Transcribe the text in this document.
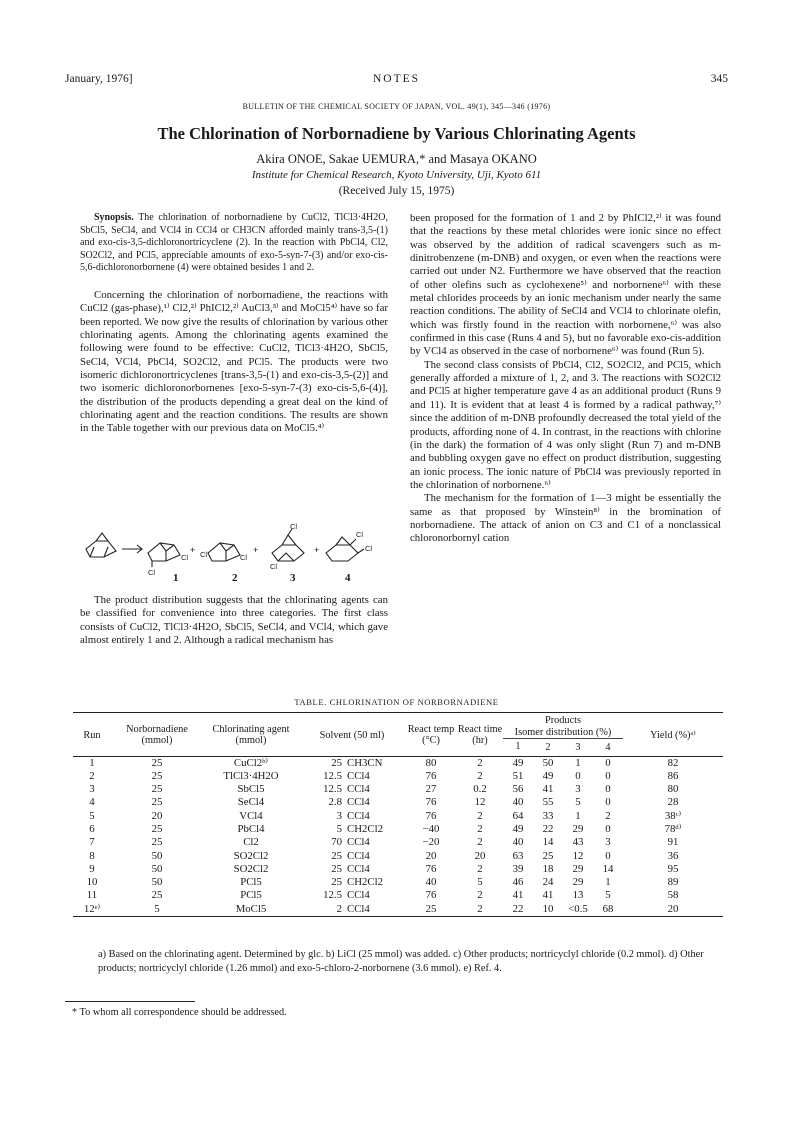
January, 1976]	NOTES	345
BULLETIN OF THE CHEMICAL SOCIETY OF JAPAN, VOL. 49(1), 345—346 (1976)
The Chlorination of Norbornadiene by Various Chlorinating Agents
Akira ONOE, Sakae UEMURA,* and Masaya OKANO
Institute for Chemical Research, Kyoto University, Uji, Kyoto 611
(Received July 15, 1975)

Synopsis. The chlorination of norbornadiene by CuCl2, TlCl3·4H2O, SbCl5, SeCl4, and VCl4 in CCl4 or CH3CN afforded mainly trans-3,5-(1) and exo-cis-3,5-dichloronortricyclene (2). In the reaction with PbCl4, Cl2, SO2Cl2, and PCl5, appreciable amounts of exo-5-syn-7-(3) and/or exo-cis-5,6-dichloronorbornene (4) were obtained besides 1 and 2.

Concerning the chlorination of norbornadiene, the reactions with CuCl2 (gas-phase),¹⁾ Cl2,²⁾ PhICl2,²⁾ AuCl3,³⁾ and MoCl5⁴⁾ have so far been reported. We now give the results of chlorination by various other chlorinating agents. Among the chlorinating agents examined the following were found to be effective: CuCl2, TlCl3·4H2O, SbCl5, SeCl4, VCl4, PbCl4, SO2Cl2, and PCl5. The products were two isomeric dichloronortricyclenes [trans-3,5-(1) and exo-cis-3,5-(2)] and two isomeric dichloronorbornenes [exo-5-syn-7-(3) exo-cis-5,6-(4)], the distribution of the products depending a great deal on the kind of chlorinating agent and the reaction conditions. The results are shown in the Table together with our previous data on MoCl5.⁴⁾

Cl
Cl Cl	Cl
Cl
Cl
Cl
Cl
+	+	+
1	2	3	4

The product distribution suggests that the chlorinating agents can be classified for convenience into three categories. The first class consists of CuCl2, TlCl3·4H2O, SbCl5, SeCl4, and VCl4, which gave almost entirely 1 and 2. Although a radical mechanism has

been proposed for the formation of 1 and 2 by PhICl2,²⁾ it was found that the reactions by these metal chlorides were ionic since no effect was observed by the addition of radical scavengers such as m-dinitrobenzene (m-DNB) and oxygen, or even when the reactions were carried out under N2. Furthermore we have observed that the reaction of other olefins such as cyclohexene⁵⁾ and norbornene⁶⁾ with these metal chlorides proceeds by an ionic mechanism under nearly the same reaction conditions. The ability of SeCl4 and VCl4 to chlorinate olefin, which was firstly found in the reaction with norbornene,⁶⁾ was also confirmed in this case (Runs 4 and 5), but no favorable exo-cis-addition by VCl4 as observed in the case of norbornene⁶⁾ was found (Run 5).

The second class consists of PbCl4, Cl2, SO2Cl2, and PCl5, which generally afforded a mixture of 1, 2, and 3. The reactions with SO2Cl2 and PCl5 at higher temperature gave 4 as an additional product (Runs 9 and 11). It is evident that at least 4 is formed by a radical pathway,⁷⁾ since the addition of m-DNB profoundly decreased the total yield of the products, affording none of 4. In contrast, in the reactions with chlorine (in the dark) the formation of 4 was only slight (Run 7) and m-DNB and bubbling oxygen gave no effect on product distribution, suggesting an ionic process. The ionic nature of PbCl4 was previously reported in the chlorination of norbornene.⁶⁾

The mechanism for the formation of 1—3 might be essentially the same as that proposed by Winstein⁸⁾ in the bromination of norbornadiene. The attack of anion on C3 and C1 of a nonclassical chloronorbornyl cation

TABLE. CHLORINATION OF NORBORNADIENE
Run	Norbornadiene (mmol)	Chlorinating agent (mmol)	Solvent (50 ml)		React temp (°C)	React time (hr)	Products				Yield (%)ᵃ⁾
							Isomer distribution (%)				
							1	2	3	4	
1	25	CuCl2ᵇ⁾	25	CH3CN	80	2	49	50	1	0	82
2	25	TlCl3·4H2O	12.5	CCl4	76	2	51	49	0	0	86
3	25	SbCl5	12.5	CCl4	27	0.2	56	41	3	0	80
4	25	SeCl4	2.8	CCl4	76	12	40	55	5	0	28
5	20	VCl4	3	CCl4	76	2	64	33	1	2	38ᶜ⁾
6	25	PbCl4	5	CH2Cl2	−40	2	49	22	29	0	78ᵈ⁾
7	25	Cl2	70	CCl4	−20	2	40	14	43	3	91
8	50	SO2Cl2	25	CCl4	20	20	63	25	12	0	36
9	50	SO2Cl2	25	CCl4	76	2	39	18	29	14	95
10	50	PCl5	25	CH2Cl2	40	5	46	24	29	1	89
11	25	PCl5	12.5	CCl4	76	2	41	41	13	5	58
12ᵉ⁾	5	MoCl5	2	CCl4	25	2	22	10	<0.5	68	20
a) Based on the chlorinating agent. Determined by glc. b) LiCl (25 mmol) was added. c) Other products; nortricyclyl chloride (0.2 mmol). d) Other products; nortricyclyl chloride (1.26 mmol) and exo-5-chloro-2-norbornene (3.6 mmol). e) Ref. 4.
* To whom all correspondence should be addressed.
